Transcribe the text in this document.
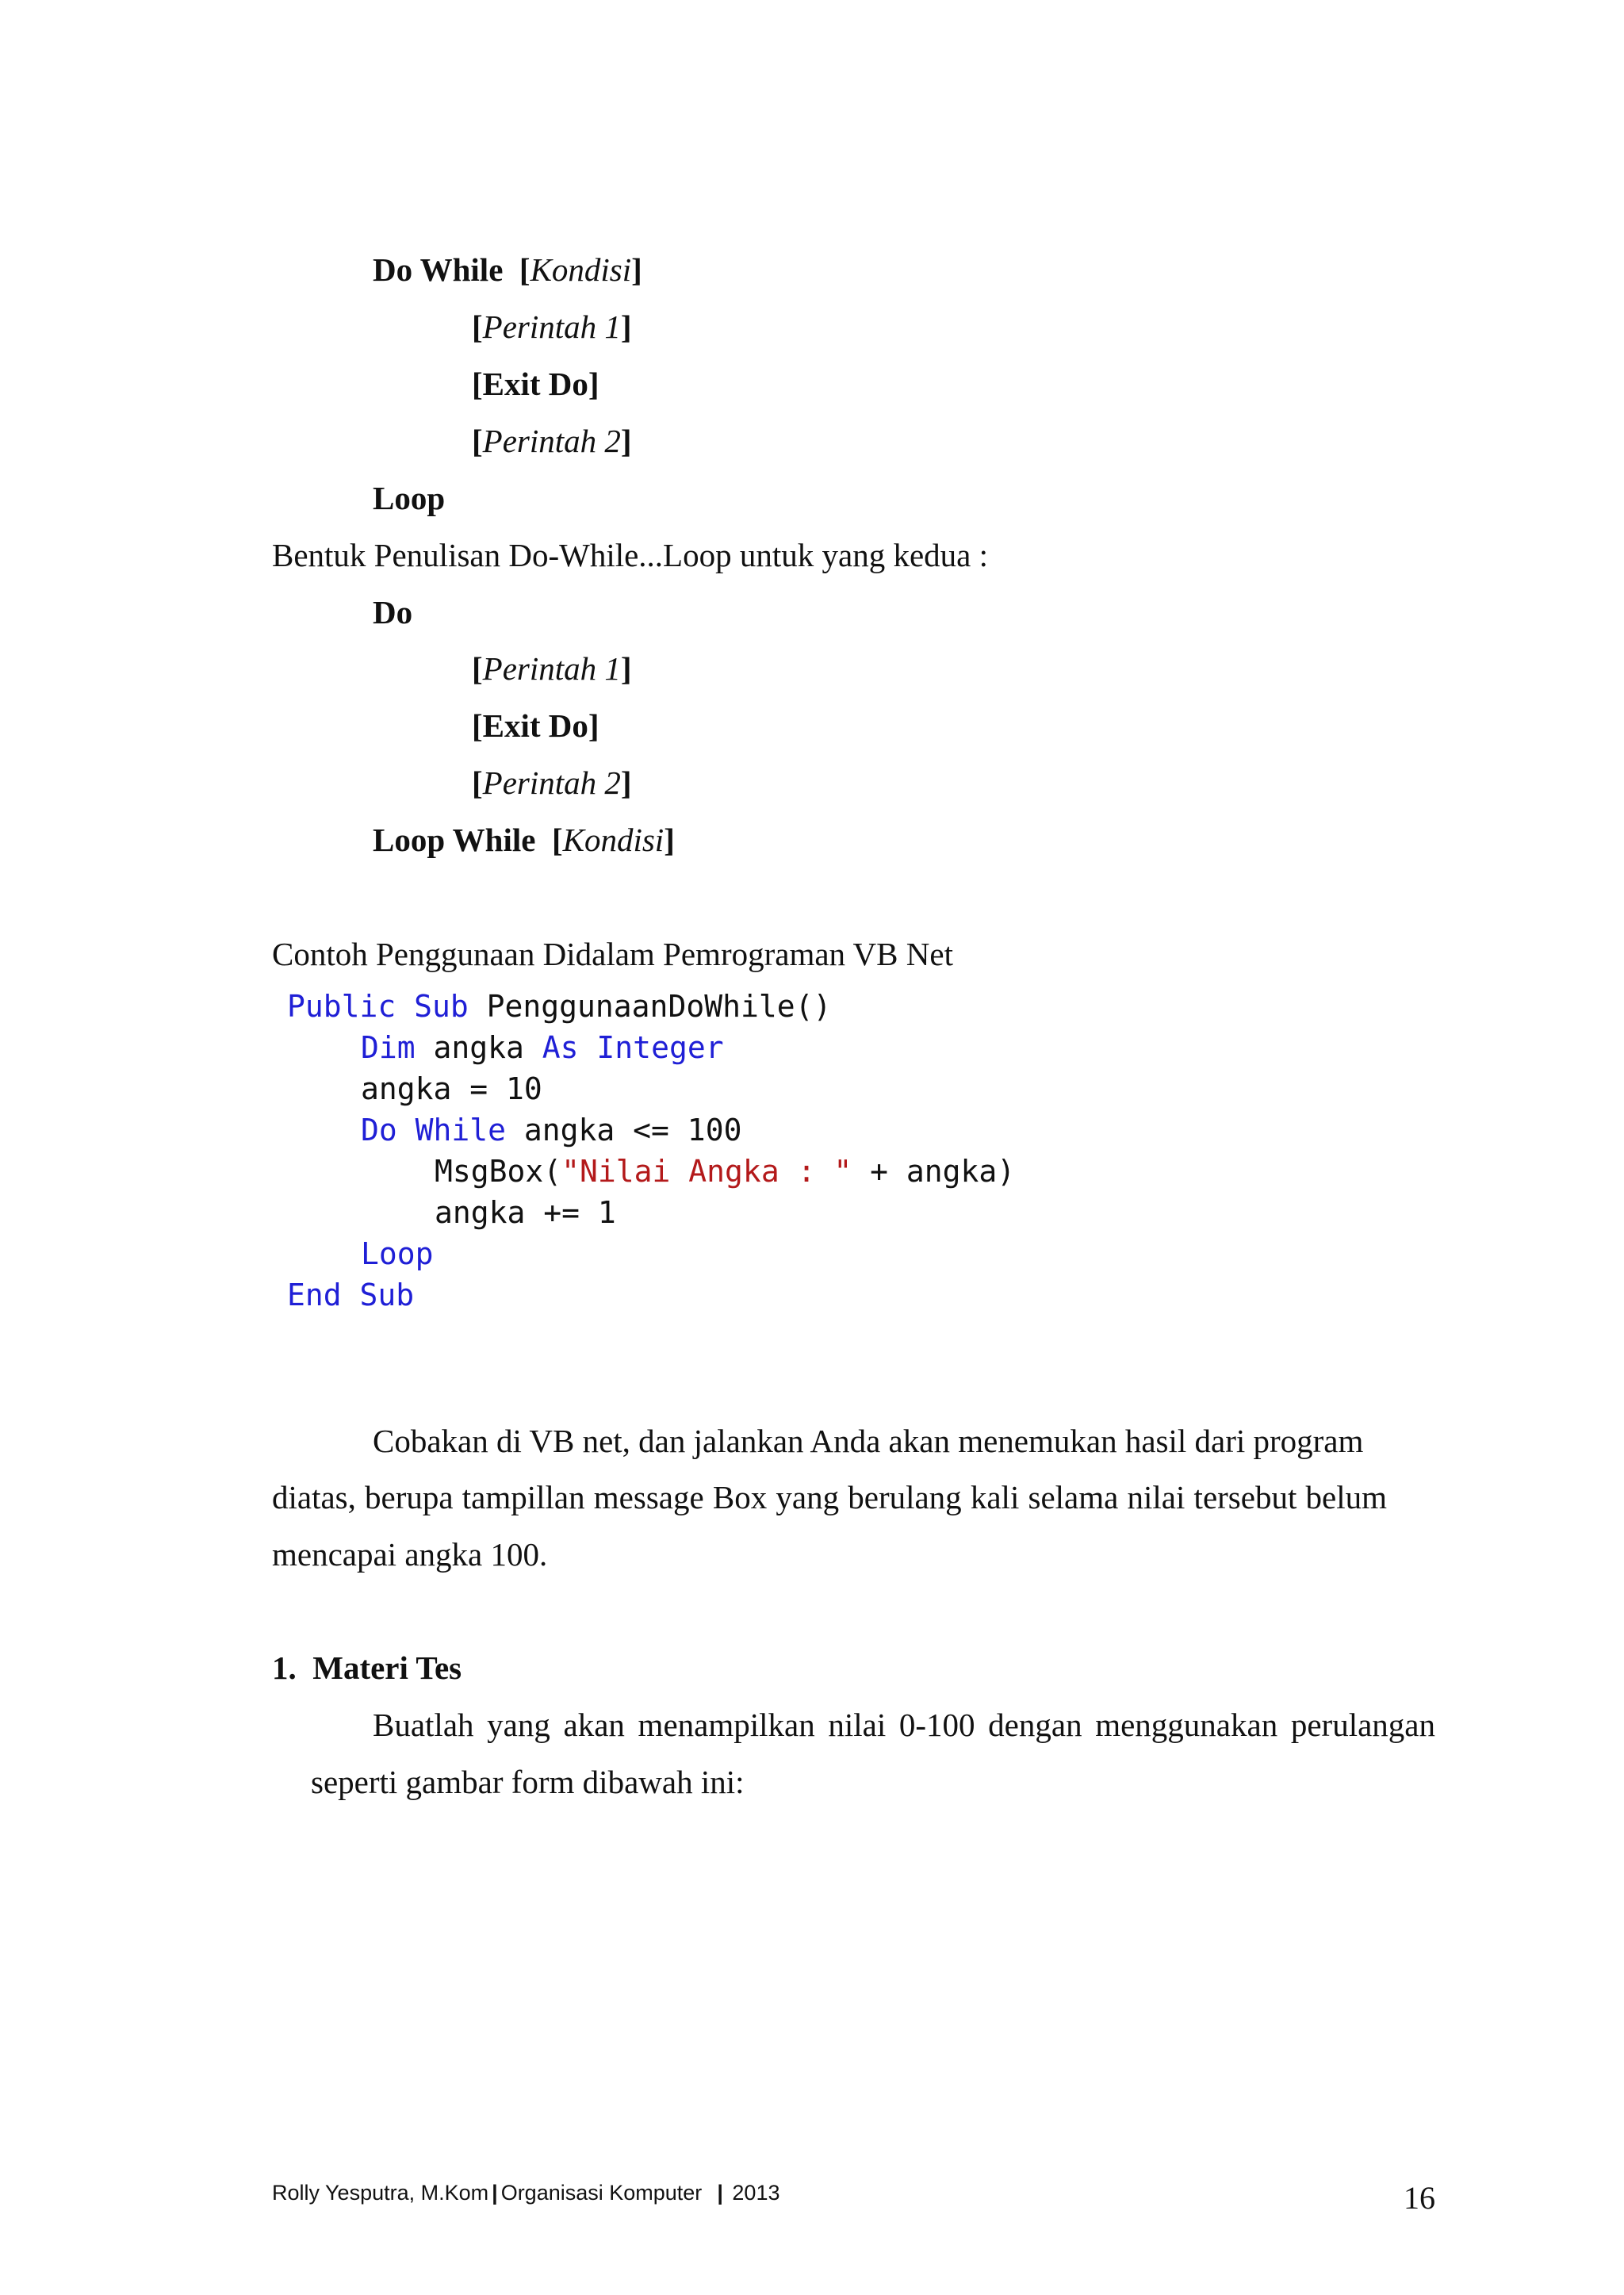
Do While  [Kondisi]
[Perintah 1]
[Exit Do]
[Perintah 2]
Loop
Bentuk Penulisan Do-While...Loop untuk yang kedua :
Do
[Perintah 1]
[Exit Do]
[Perintah 2]
Loop While  [Kondisi]
Contoh Penggunaan Didalam Pemrograman VB Net
Public Sub PenggunaanDoWhile()
Dim angka As Integer
angka = 10
Do While angka <= 100
MsgBox("Nilai Angka : " + angka)
angka += 1
Loop
End Sub
Cobakan di VB net, dan jalankan Anda akan menemukan hasil dari program
diatas, berupa tampillan message Box yang berulang kali selama nilai tersebut belum
mencapai angka 100.
1. Materi Tes
Buatlah yang akan menampilkan nilai 0-100 dengan menggunakan perulangan
seperti gambar form dibawah ini:
Rolly Yesputra, M.Kom | Organisasi Komputer | 2013	16
